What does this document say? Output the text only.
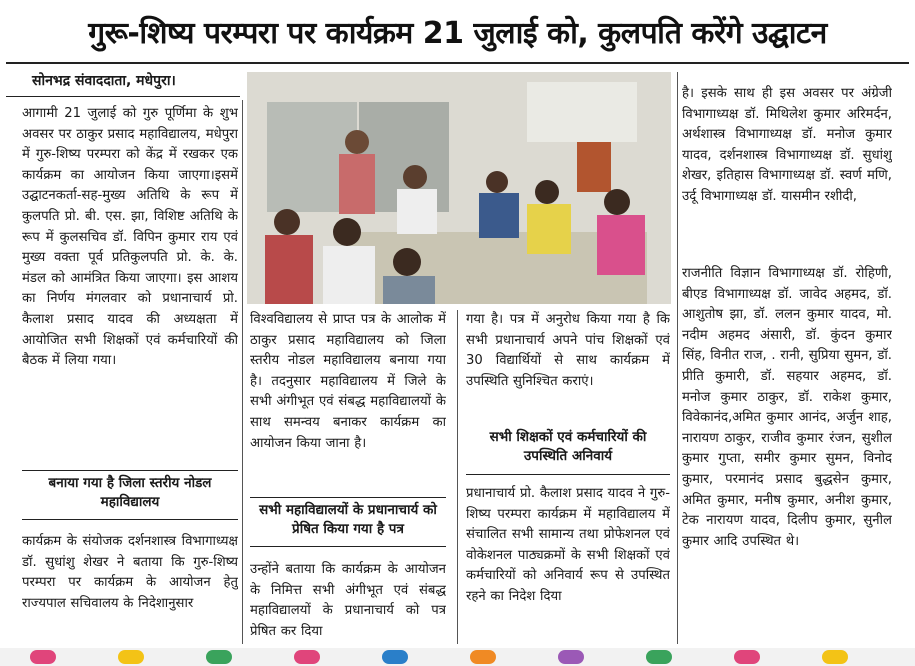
गुरू-शिष्य परम्परा पर कार्यक्रम 21 जुलाई को, कुलपति करेंगे उद्घाटन
सोनभद्र संवाददाता, मधेपुरा।
आगामी 21 जुलाई को गुरु पूर्णिमा के शुभ अवसर पर ठाकुर प्रसाद महाविद्यालय, मधेपुरा में गुरु-शिष्य परम्परा को केंद्र में रखकर एक कार्यक्रम का आयोजन किया जाएगा।इसमें उद्घाटनकर्ता-सह-मुख्य अतिथि के रूप में कुलपति प्रो. बी. एस. झा, विशिष्ट अतिथि के रूप में कुलसचिव डॉ. विपिन कुमार राय एवं मुख्य वक्ता पूर्व प्रतिकुलपति प्रो. के. के. मंडल को आमंत्रित किया जाएगा। इस आशय का निर्णय मंगलवार को प्रधानाचार्य प्रो. कैलाश प्रसाद यादव की अध्यक्षता में आयोजित सभी शिक्षकों एवं कर्मचारियों की बैठक में लिया गया।
बनाया गया है जिला स्तरीय नोडल महाविद्यालय
कार्यक्रम के संयोजक दर्शनशास्त्र विभागाध्यक्ष डॉ. सुधांशु शेखर ने बताया कि गुरु-शिष्य परम्परा पर कार्यक्रम के आयोजन हेतु राज्यपाल सचिवालय के निदेशानुसार
विश्वविद्यालय से प्राप्त पत्र के आलोक में ठाकुर प्रसाद महाविद्यालय को जिला स्तरीय नोडल महाविद्यालय बनाया गया है। तदनुसार महाविद्यालय में जिले के सभी अंगीभूत एवं संबद्ध महाविद्यालयों के साथ समन्वय बनाकर कार्यक्रम का आयोजन किया जाना है।
सभी महाविद्यालयों के प्रधानाचार्य को प्रेषित किया गया है पत्र
उन्होंने बताया कि कार्यक्रम के आयोजन के निमित्त सभी अंगीभूत एवं संबद्ध महाविद्यालयों के प्रधानाचार्य को पत्र प्रेषित कर दिया
गया है। पत्र में अनुरोध किया गया है कि सभी प्रधानाचार्य अपने पांच शिक्षकों एवं 30 विद्यार्थियों से साथ कार्यक्रम में उपस्थिति सुनिश्चित कराएं।
सभी शिक्षकों एवं कर्मचारियों की उपस्थिति अनिवार्य
प्रधानाचार्य प्रो. कैलाश प्रसाद यादव ने गुरु-शिष्य परम्परा कार्यक्रम में महाविद्यालय में संचालित सभी सामान्य तथा प्रोफेशनल एवं वोकेशनल पाठ्यक्रमों के सभी शिक्षकों एवं कर्मचारियों को अनिवार्य रूप से उपस्थित रहने का निदेश दिया
है। इसके साथ ही इस अवसर पर अंग्रेजी विभागाध्यक्ष डॉ. मिथिलेश कुमार अरिमर्दन, अर्थशास्त्र विभागाध्यक्ष डॉ. मनोज कुमार यादव, दर्शनशास्त्र विभागाध्यक्ष डॉ. सुधांशु शेखर, इतिहास विभागाध्यक्ष डॉ. स्वर्ण मणि, उर्दू विभागाध्यक्ष डॉ. यासमीन रशीदी,
राजनीति विज्ञान विभागाध्यक्ष डॉ. रोहिणी, बीएड विभागाध्यक्ष डॉ. जावेद अहमद, डॉ. आशुतोष झा, डॉ. ललन कुमार यादव, मो. नदीम अहमद अंसारी, डॉ. कुंदन कुमार सिंह, विनीत राज, . रानी, सुप्रिया सुमन, डॉ. प्रीति कुमारी, डॉ. सहयार अहमद, डॉ. मनोज कुमार ठाकुर, डॉ. राकेश कुमार, विवेकानंद,अमित कुमार आनंद, अर्जुन शाह, नारायण ठाकुर, राजीव कुमार रंजन, सुशील कुमार गुप्ता, समीर कुमार सुमन, विनोद कुमार, परमानंद प्रसाद बुद्धसेन कुमार, अमित कुमार, मनीष कुमार, अनीश कुमार, टेक नारायण यादव, दिलीप कुमार, सुनील कुमार आदि उपस्थित थे।
